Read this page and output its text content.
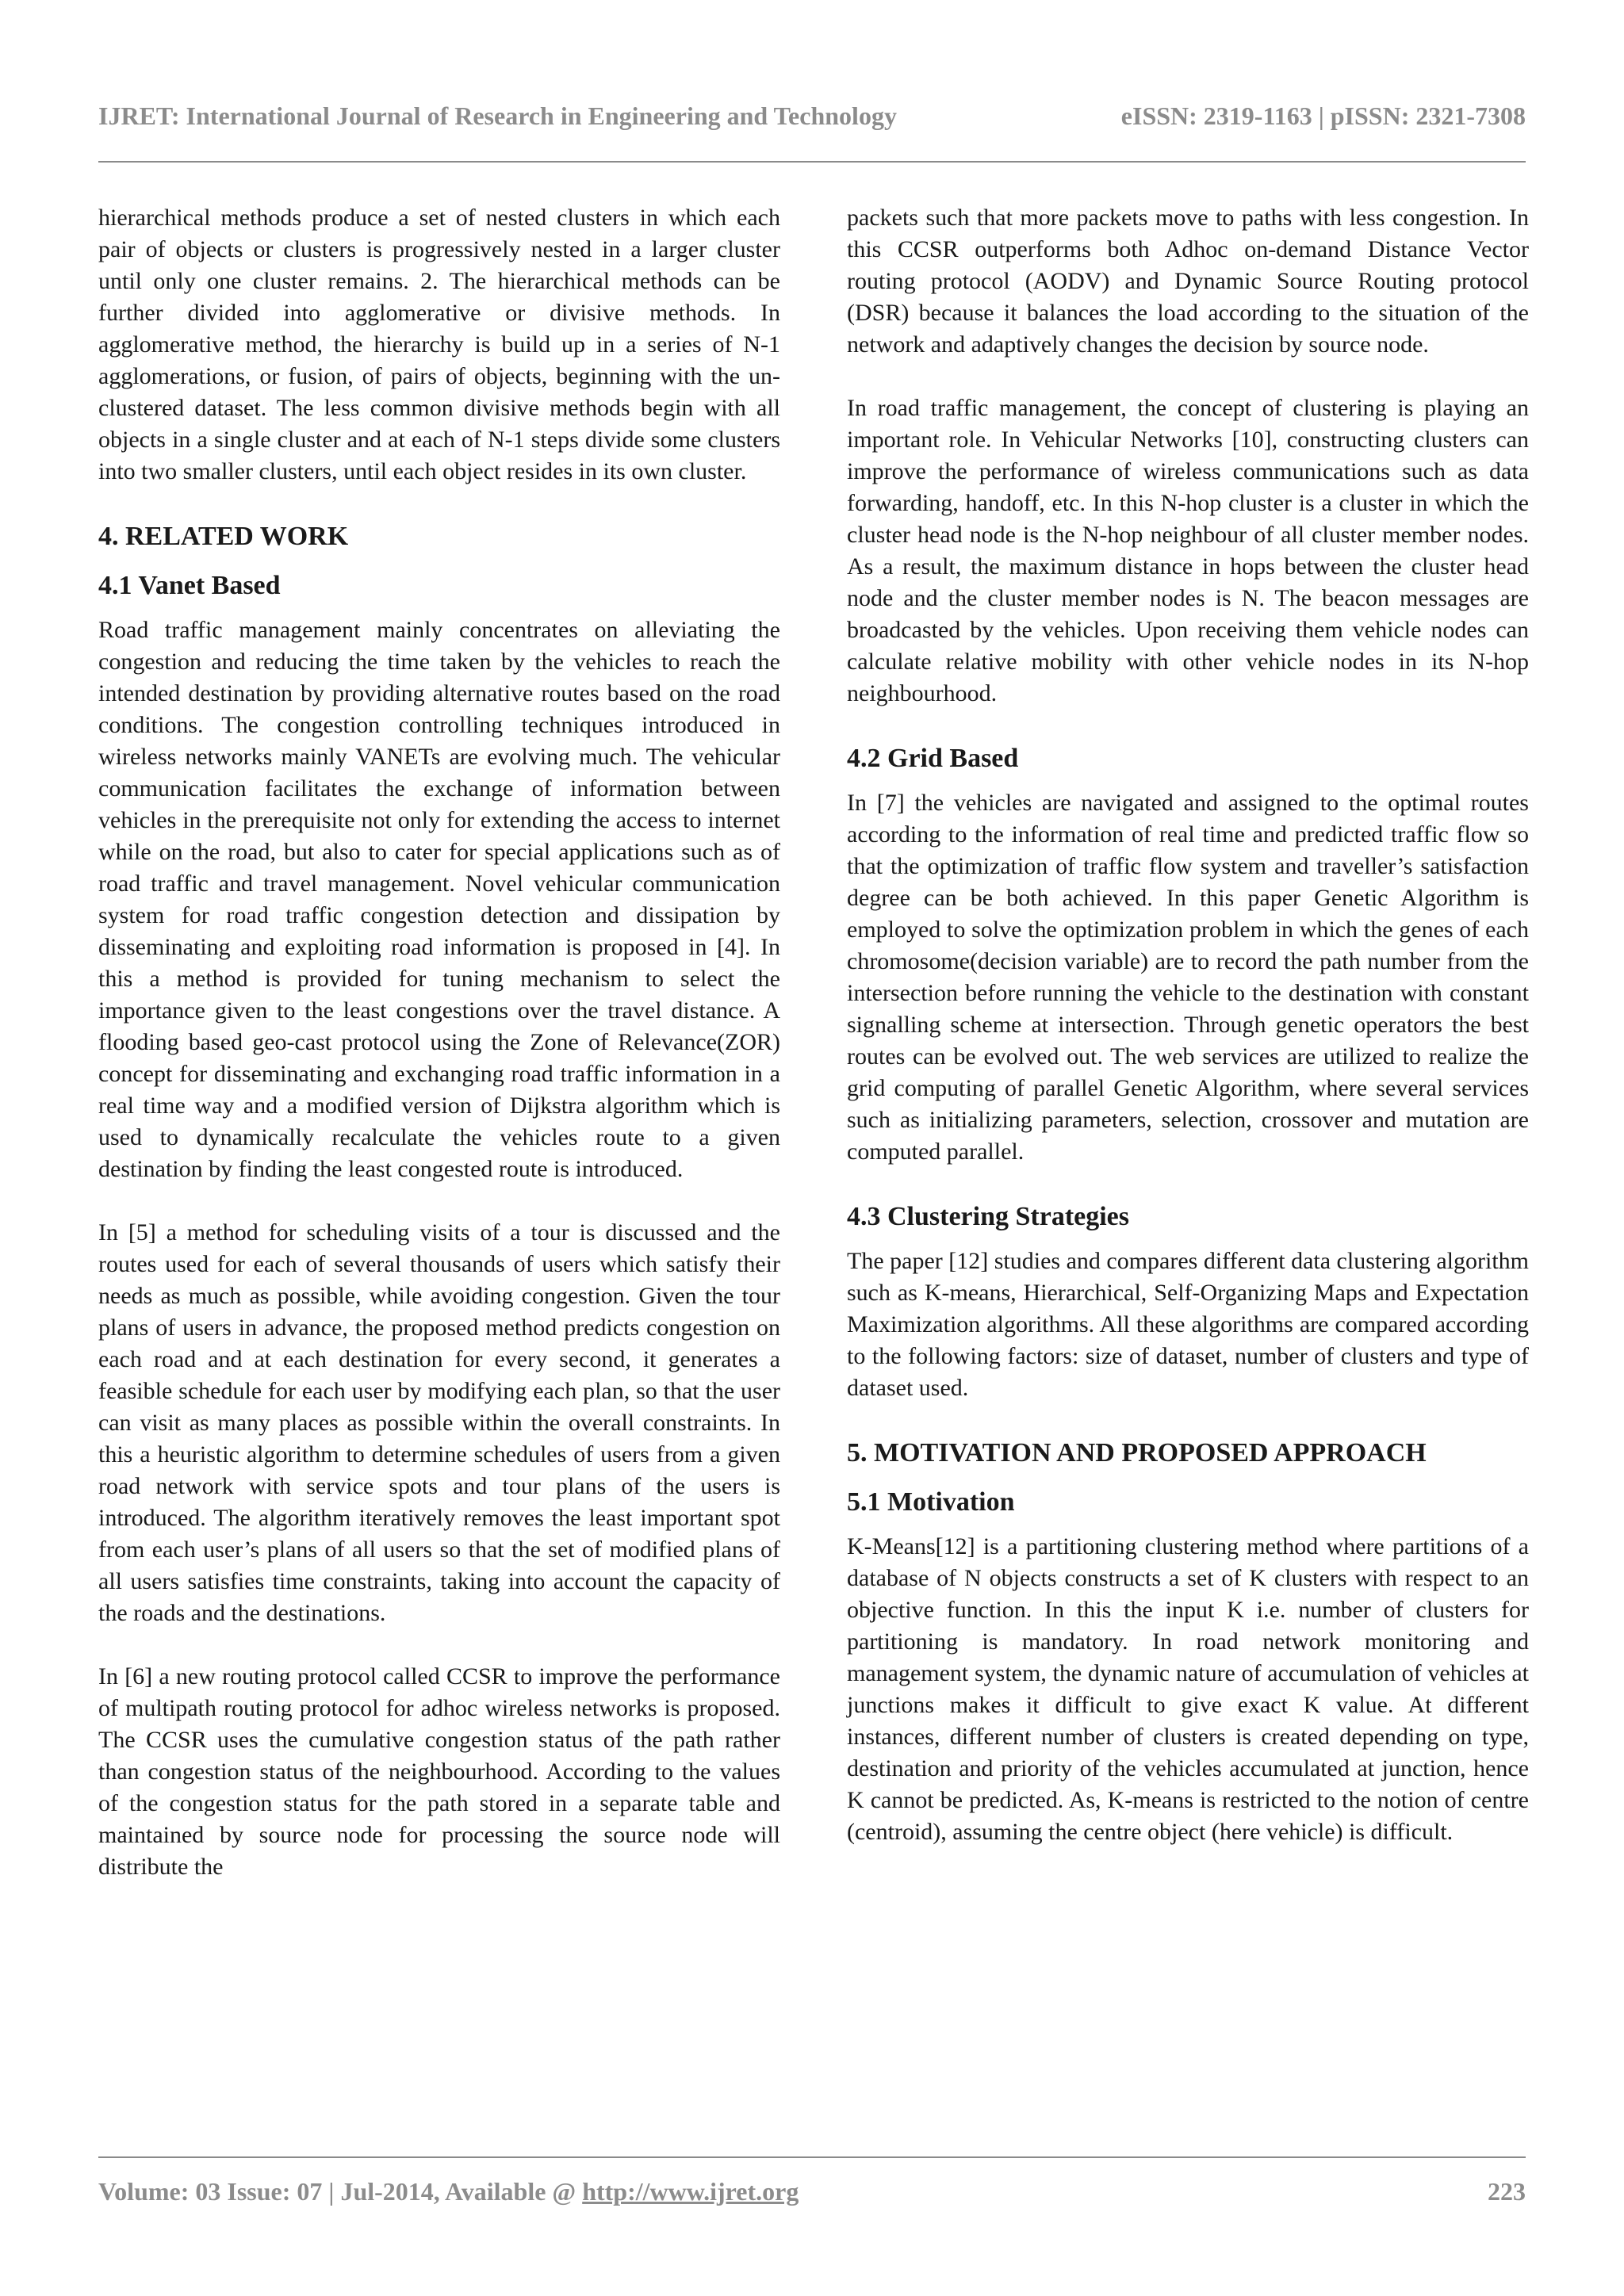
IJRET: International Journal of Research in Engineering and Technology	eISSN: 2319-1163 | pISSN: 2321-7308

hierarchical methods produce a set of nested clusters in which each pair of objects or clusters is progressively nested in a larger cluster until only one cluster remains. 2. The hierarchical methods can be further divided into agglomerative or divisive methods. In agglomerative method, the hierarchy is build up in a series of N-1 agglomerations, or fusion, of pairs of objects, beginning with the un-clustered dataset. The less common divisive methods begin with all objects in a single cluster and at each of N-1 steps divide some clusters into two smaller clusters, until each object resides in its own cluster.

4. RELATED WORK
4.1 Vanet Based

Road traffic management mainly concentrates on alleviating the congestion and reducing the time taken by the vehicles to reach the intended destination by providing alternative routes based on the road conditions. The congestion controlling techniques introduced in wireless networks mainly VANETs are evolving much. The vehicular communication facilitates the exchange of information between vehicles in the prerequisite not only for extending the access to internet while on the road, but also to cater for special applications such as of road traffic and travel management. Novel vehicular communication system for road traffic congestion detection and dissipation by disseminating and exploiting road information is proposed in [4]. In this a method is provided for tuning mechanism to select the importance given to the least congestions over the travel distance. A flooding based geo-cast protocol using the Zone of Relevance(ZOR) concept for disseminating and exchanging road traffic information in a real time way and a modified version of Dijkstra algorithm which is used to dynamically recalculate the vehicles route to a given destination by finding the least congested route is introduced.

In [5] a method for scheduling visits of a tour is discussed and the routes used for each of several thousands of users which satisfy their needs as much as possible, while avoiding congestion. Given the tour plans of users in advance, the proposed method predicts congestion on each road and at each destination for every second, it generates a feasible schedule for each user by modifying each plan, so that the user can visit as many places as possible within the overall constraints. In this a heuristic algorithm to determine schedules of users from a given road network with service spots and tour plans of the users is introduced. The algorithm iteratively removes the least important spot from each user’s plans of all users so that the set of modified plans of all users satisfies time constraints, taking into account the capacity of the roads and the destinations.

In [6] a new routing protocol called CCSR to improve the performance of multipath routing protocol for adhoc wireless networks is proposed. The CCSR uses the cumulative congestion status of the path rather than congestion status of the neighbourhood. According to the values of the congestion status for the path stored in a separate table and maintained by source node for processing the source node will distribute the

packets such that more packets move to paths with less congestion. In this CCSR outperforms both Adhoc on-demand Distance Vector routing protocol (AODV) and Dynamic Source Routing protocol (DSR) because it balances the load according to the situation of the network and adaptively changes the decision by source node.

In road traffic management, the concept of clustering is playing an important role. In Vehicular Networks [10], constructing clusters can improve the performance of wireless communications such as data forwarding, handoff, etc. In this N-hop cluster is a cluster in which the cluster head node is the N-hop neighbour of all cluster member nodes. As a result, the maximum distance in hops between the cluster head node and the cluster member nodes is N. The beacon messages are broadcasted by the vehicles. Upon receiving them vehicle nodes can calculate relative mobility with other vehicle nodes in its N-hop neighbourhood.

4.2 Grid Based

In [7] the vehicles are navigated and assigned to the optimal routes according to the information of real time and predicted traffic flow so that the optimization of traffic flow system and traveller’s satisfaction degree can be both achieved. In this paper Genetic Algorithm is employed to solve the optimization problem in which the genes of each chromosome(decision variable) are to record the path number from the intersection before running the vehicle to the destination with constant signalling scheme at intersection. Through genetic operators the best routes can be evolved out. The web services are utilized to realize the grid computing of parallel Genetic Algorithm, where several services such as initializing parameters, selection, crossover and mutation are computed parallel.

4.3 Clustering Strategies

The paper [12] studies and compares different data clustering algorithm such as K-means, Hierarchical, Self-Organizing Maps and Expectation Maximization algorithms. All these algorithms are compared according to the following factors: size of dataset, number of clusters and type of dataset used.

5. MOTIVATION AND PROPOSED APPROACH
5.1 Motivation

K-Means[12] is a partitioning clustering method where partitions of a database of N objects constructs a set of K clusters with respect to an objective function. In this the input K i.e. number of clusters for partitioning is mandatory. In road network monitoring and management system, the dynamic nature of accumulation of vehicles at junctions makes it difficult to give exact K value. At different instances, different number of clusters is created depending on type, destination and priority of the vehicles accumulated at junction, hence K cannot be predicted. As, K-means is restricted to the notion of centre (centroid), assuming the centre object (here vehicle) is difficult.

Volume: 03 Issue: 07 | Jul-2014, Available @ http://www.ijret.org	223
